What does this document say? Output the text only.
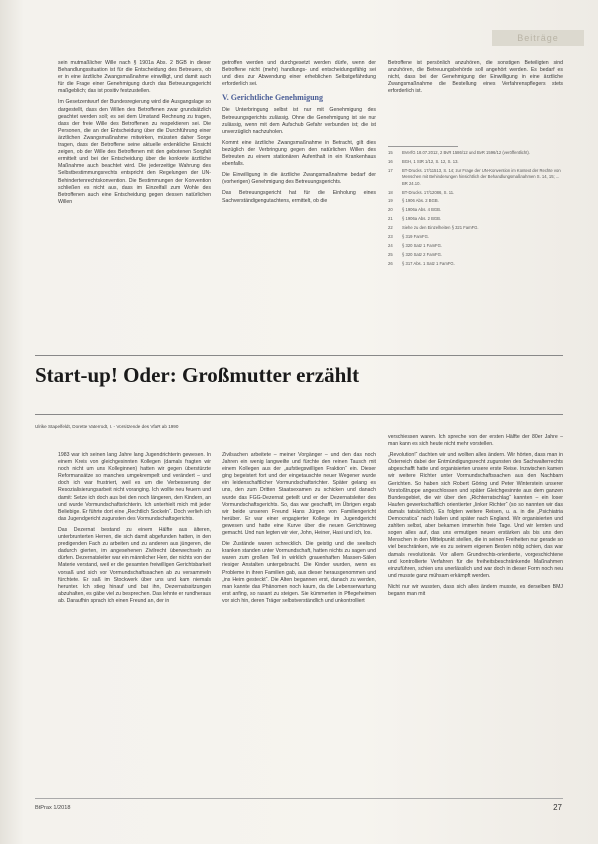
Beiträge

sein mutmaßlicher Wille nach § 1901a Abs. 2 BGB in dieser Behandlungssituation ist für die Entscheidung des Betreuers, ob er in eine ärztliche Zwangsmaßnahme einwilligt, und damit auch für die Frage einer Genehmigung durch das Betreuungsgericht maßgeblich; das ist positiv festzustellen.

Im Gesetzentwurf der Bundesregierung wird die Ausgangslage so dargestellt, dass den Willen des Betroffenen zwar grundsätzlich geachtet werden soll; es sei dem Umstand Rechnung zu tragen, dass der freie Wille des Betroffenen zu respektieren sei. Die Personen, die an der Entscheidung über die Durchführung einer ärztlichen Zwangsmaßnahme mitwirken, müssten daher Sorge tragen, dass der Betroffene seine aktuelle erdenkliche Einsicht zeigen, ob der Wille des Betroffenen mit den gebotenen Sorgfalt ermittelt und bei der Entscheidung über die konkrete ärztliche Maßnahme auch beachtet wird. Die jederzeitige Wahrung des Selbstbestimmungsrechts entspricht den Regelungen der UN-Behindertenrechtskonvention. Die Bestimmungen der Konvention schließen es nicht aus, dass im Einzelfall zum Wohle des Betroffenen auch eine Entscheidung gegen dessen natürlichen Willen

getroffen werden und durchgesetzt werden dürfe, wenn der Betroffene nicht (mehr) handlungs- und entscheidungsfähig sei und dies zur Abwendung einer erheblichen Selbstgefährdung erforderlich sei.

V. Gerichtliche Genehmigung

Die Unterbringung selbst ist nur mit Genehmigung des Betreuungsgerichts zulässig. Ohne die Genehmigung ist sie nur zulässig, wenn mit dem Aufschub Gefahr verbunden ist; die ist unverzüglich nachzuholen.

Kommt eine ärztliche Zwangsmaßnahme in Betracht, gilt dies bezüglich der Verbringung gegen den natürlichen Willen des Betreuten zu einem stationären Aufenthalt in ein Krankenhaus ebenfalls.

Die Einwilligung in die ärztliche Zwangsmaßnahme bedarf der (vorherigen) Genehmigung des Betreuungsgerichts.

Das Betreuungsgericht hat für die Einholung eines Sachverständigengutachtens, ermittelt, ob die

Betroffene ist persönlich anzuhören, die sonstigen Beteiligten sind anzuhören, die Betreuungsbehörde soll angehört werden. Es bedarf es nicht, dass bei der Genehmigung der Einwilligung in eine ärztliche Zwangsmaßnahme die Bestellung eines Verfahrenspflegers stets erforderlich ist.

15	BVerfG 18.07.2012, 2 BvR 1586/12 und BvR 1596/12 (veröffentlicht).
16	BGH, 1 StR 1/12, S. 12, S. 13.
17	BT-Drucks. 17/11513, S. 14; zur Frage der UN-Konvention im Kontext der Rechte von Menschen mit Behinderungen hinsichtlich der Behandlungsmaßnahmen S. 14, 15; ... BR 24.10.
18	BT-Drucks. 17/12086, S. 11.
19	§ 1906 Abs. 2 BGB.
20	§ 1906a Abs. 4 BGB.
21	§ 1906a Abs. 2 BGB.
22	Siehe zu den Einzelheiten § 321 FamFG.
23	§ 319 FamFG.
24	§ 320 Satz 1 FamFG.
25	§ 320 Satz 2 FamFG.
26	§ 317 Abs. 1 Satz 1 FamFG.
Start-up! Oder: Großmutter erzählt
Ulrike Stapelfeldt, Dorette Vaterrodt, I. - Vorsitzende des VfaR ab 1990

1983 war ich seinen lang Jahre lang Jugendrichterin gewesen. In einem Kreis von gleichgesinnten Kollegen (damals fragten wir noch nicht um uns Kolleginnen) hatten wir gegen überstürzte Reformansätze so manches umgekrempelt und verändert – und doch ich war frustriert, weil es um die Verbesserung der Resozialisierungsarbeit nicht voranging. Ich wollte neu feuern und damit: Setze ich doch aus bei den noch längeren, den Kindern, an und wurde Vormundschaftsrichterin. Ich unterhielt mich mit jeder Beliebige. Er führte dort eine „Rechtlich Sockeln“. Doch verlieh ich das Jugendgericht zugunsten des Vormundschaftsgerichts.

Das Dezernat bestand zu einem Hälfte aus älteren, unterbrunterten Herren, die sich damit abgefunden hatten, in den predigenden Fach zu arbeiten und zu anderen aus jüngeren, die dadurch gierten, im angesehenen Zivilrecht überwechseln zu dürfen. Dezernatsleiter war ein männlicher Herr, der nichts von der Materie verstand, weil er die gesamten freiwilligen Gerichtsbarkeit vorsaß und sich vor Vormundschaftssachen ab zu versammeln fürchtete. Er saß im Stockwerk über uns und kam niemals herunter. Ich stieg hinauf und bat ihn, Dezernatssitzungen abzuhalten, es gäbe viel zu besprechen. Das lehnte er rundheraus ab. Daraufhin sprach ich einen Freund an, der in

Zivilsachen arbeitete – meiner Vorgänger – und den das noch Jahren ein wenig langweilte und fürchte den reinen Tausch mit einem Kollegen aus der „aufstiegswilligen Fraktion“ ein. Dieser ging begeistert fort und der eingetauschte neuer Wegener wurde ein leidenschaftlicher Vormundschaftsrichter. Später gelang es uns, den zum Dritten Staatsexamen zu schicken und danach wurde das FGG-Dezernat geteilt und er der Dezernatsleiter des Vormundschaftsgerichts. So, das war geschafft, im Übrigen ergab wir beide unseren Freund Hans Jürgen von Familiengericht herüber. Er war einer engagierter Kollege im Jugendgericht gewesen und hatte eine Kurve über die neuen Gerichtsweg gemacht. Und nun legten wir vier, John, Heiner, Hasi und ich, los.

Die Zustände waren schrecklich. Die geistig und die seelisch kranken standen unter Vormundschaft, hatten nichts zu sagen und waren zum großen Teil in wirklich grauenhaften Massen-Sälen riesiger Anstalten untergebracht. Die Kinder wurden, wenn es Probleme in ihren Familien gab, aus dieser herausgenommen und „ins Heim gesteckt“. Die Alten begannen erst, danach zu werden, man kannte das Phänomen noch kaum, da die Lebenserwartung erst anfing, so rasant zu steigen. Sie kümmerten in Pflegeheimen vor sich hin, deren Träger selbstverständlich und unkontrolliert

verschiessen waren. Ich spreche von der ersten Hälfte der 80er Jahre – man kann es sich heute nicht mehr vorstellen.

„Revolution!“ dachten wir und wollten alles ändern. Wir hörten, dass man in Österreich dabei der Entmündigungsrecht zugunsten des Sachwalterrechts abgeschafft hatte und organisierten unsere erste Reise. Inzwischen kamen wir weitere Richter unter Vormundschaftssachen aus den Nachbarn Gerichten. So haben sich Robert Göring und Peter Winterstein unserer Vorstoßtruppe angeschlossen und später Gleichgesinnte aus dem ganzen Bundesgebiet, die wir über den „Richterratschlag“ kannten – ein loser Haufen gewerkschaftlich orientierter „linker Richter“ (so so nannten wir das damals tatsächlich). Es folgten weitere Reisen, u. a. in die „Psichiatria Democratica“ nach Italien und später nach England. Wir organisierten und zahlten selbst, aber bekamen immerhin freie Tage. Und wir lernten und sogen alles auf, das uns ermutigen neuen erstärken als bis uns den Menschen in den Mittelpunkt stellen, die in seinen Freiheiten nur gerade so viel beschränken, wie es zu seinem eigenen Besten nötig schien, das war damals revolutionär. Vor allem Grundrechts-orientierte, vorgeschichtene und kontrollierte Verfahren für die freiheitsbeschränkende Maßnahmen einzuführen, schien uns unerlässlich und war doch in dieser Form noch neu und musste ganz mühsam erkämpft werden.

Nicht nur wir wussten, dass sich alles ändern musste, es derselben BMJ begann man mit

BtPrax 1/2018	27
